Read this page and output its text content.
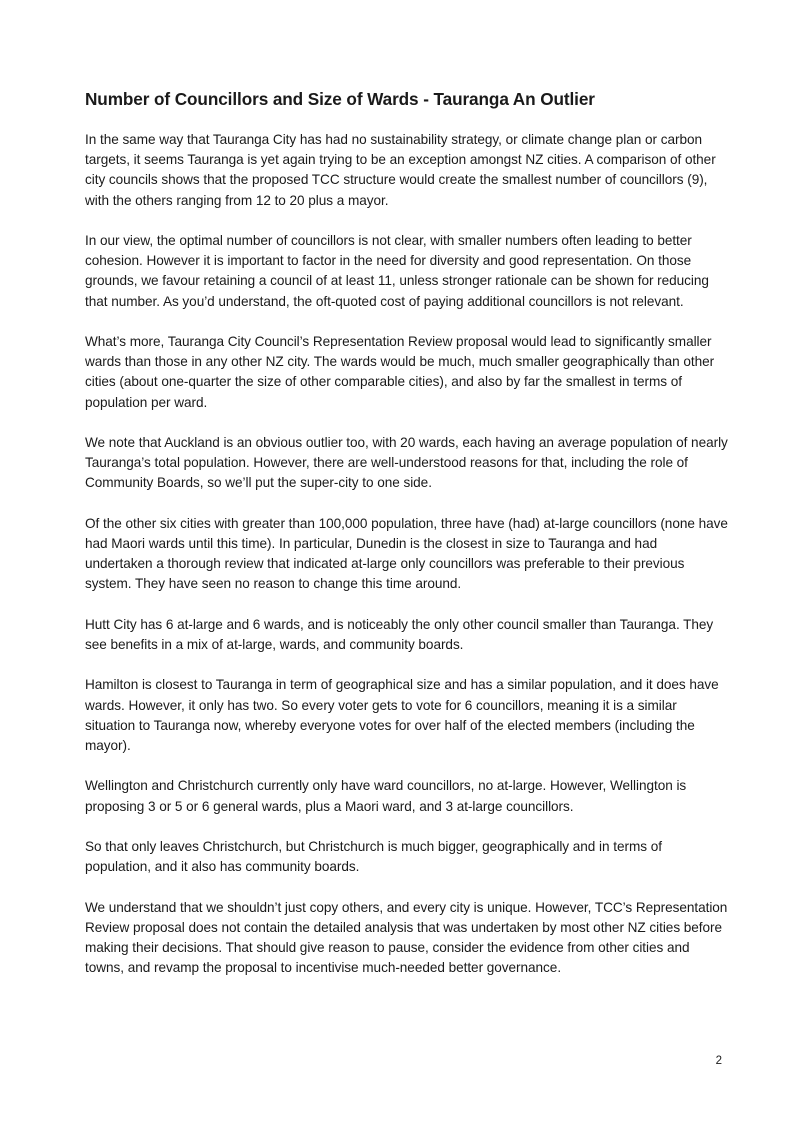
Number of Councillors and Size of Wards - Tauranga An Outlier

In the same way that Tauranga City has had no sustainability strategy, or climate change plan or carbon targets, it seems Tauranga is yet again trying to be an exception amongst NZ cities. A comparison of other city councils shows that the proposed TCC structure would create the smallest number of councillors (9), with the others ranging from 12 to 20 plus a mayor.

In our view, the optimal number of councillors is not clear, with smaller numbers often leading to better cohesion. However it is important to factor in the need for diversity and good representation. On those grounds, we favour retaining a council of at least 11, unless stronger rationale can be shown for reducing that number. As you’d understand, the oft-quoted cost of paying additional councillors is not relevant.

What’s more, Tauranga City Council’s Representation Review proposal would lead to significantly smaller wards than those in any other NZ city. The wards would be much, much smaller geographically than other cities (about one-quarter the size of other comparable cities), and also by far the smallest in terms of population per ward.

We note that Auckland is an obvious outlier too, with 20 wards, each having an average population of nearly Tauranga’s total population. However, there are well-understood reasons for that, including the role of Community Boards, so we’ll put the super-city to one side.

Of the other six cities with greater than 100,000 population, three have (had) at-large councillors (none have had Maori wards until this time). In particular, Dunedin is the closest in size to Tauranga and had undertaken a thorough review that indicated at-large only councillors was preferable to their previous system. They have seen no reason to change this time around.

Hutt City has 6 at-large and 6 wards, and is noticeably the only other council smaller than Tauranga. They see benefits in a mix of at-large, wards, and community boards.

Hamilton is closest to Tauranga in term of geographical size and has a similar population, and it does have wards. However, it only has two. So every voter gets to vote for 6 councillors, meaning it is a similar situation to Tauranga now, whereby everyone votes for over half of the elected members (including the mayor).

Wellington and Christchurch currently only have ward councillors, no at-large. However, Wellington is proposing 3 or 5 or 6 general wards, plus a Maori ward, and 3 at-large councillors.

So that only leaves Christchurch, but Christchurch is much bigger, geographically and in terms of population, and it also has community boards.

We understand that we shouldn’t just copy others, and every city is unique. However, TCC’s Representation Review proposal does not contain the detailed analysis that was undertaken by most other NZ cities before making their decisions. That should give reason to pause, consider the evidence from other cities and towns, and revamp the proposal to incentivise much-needed better governance.

2
